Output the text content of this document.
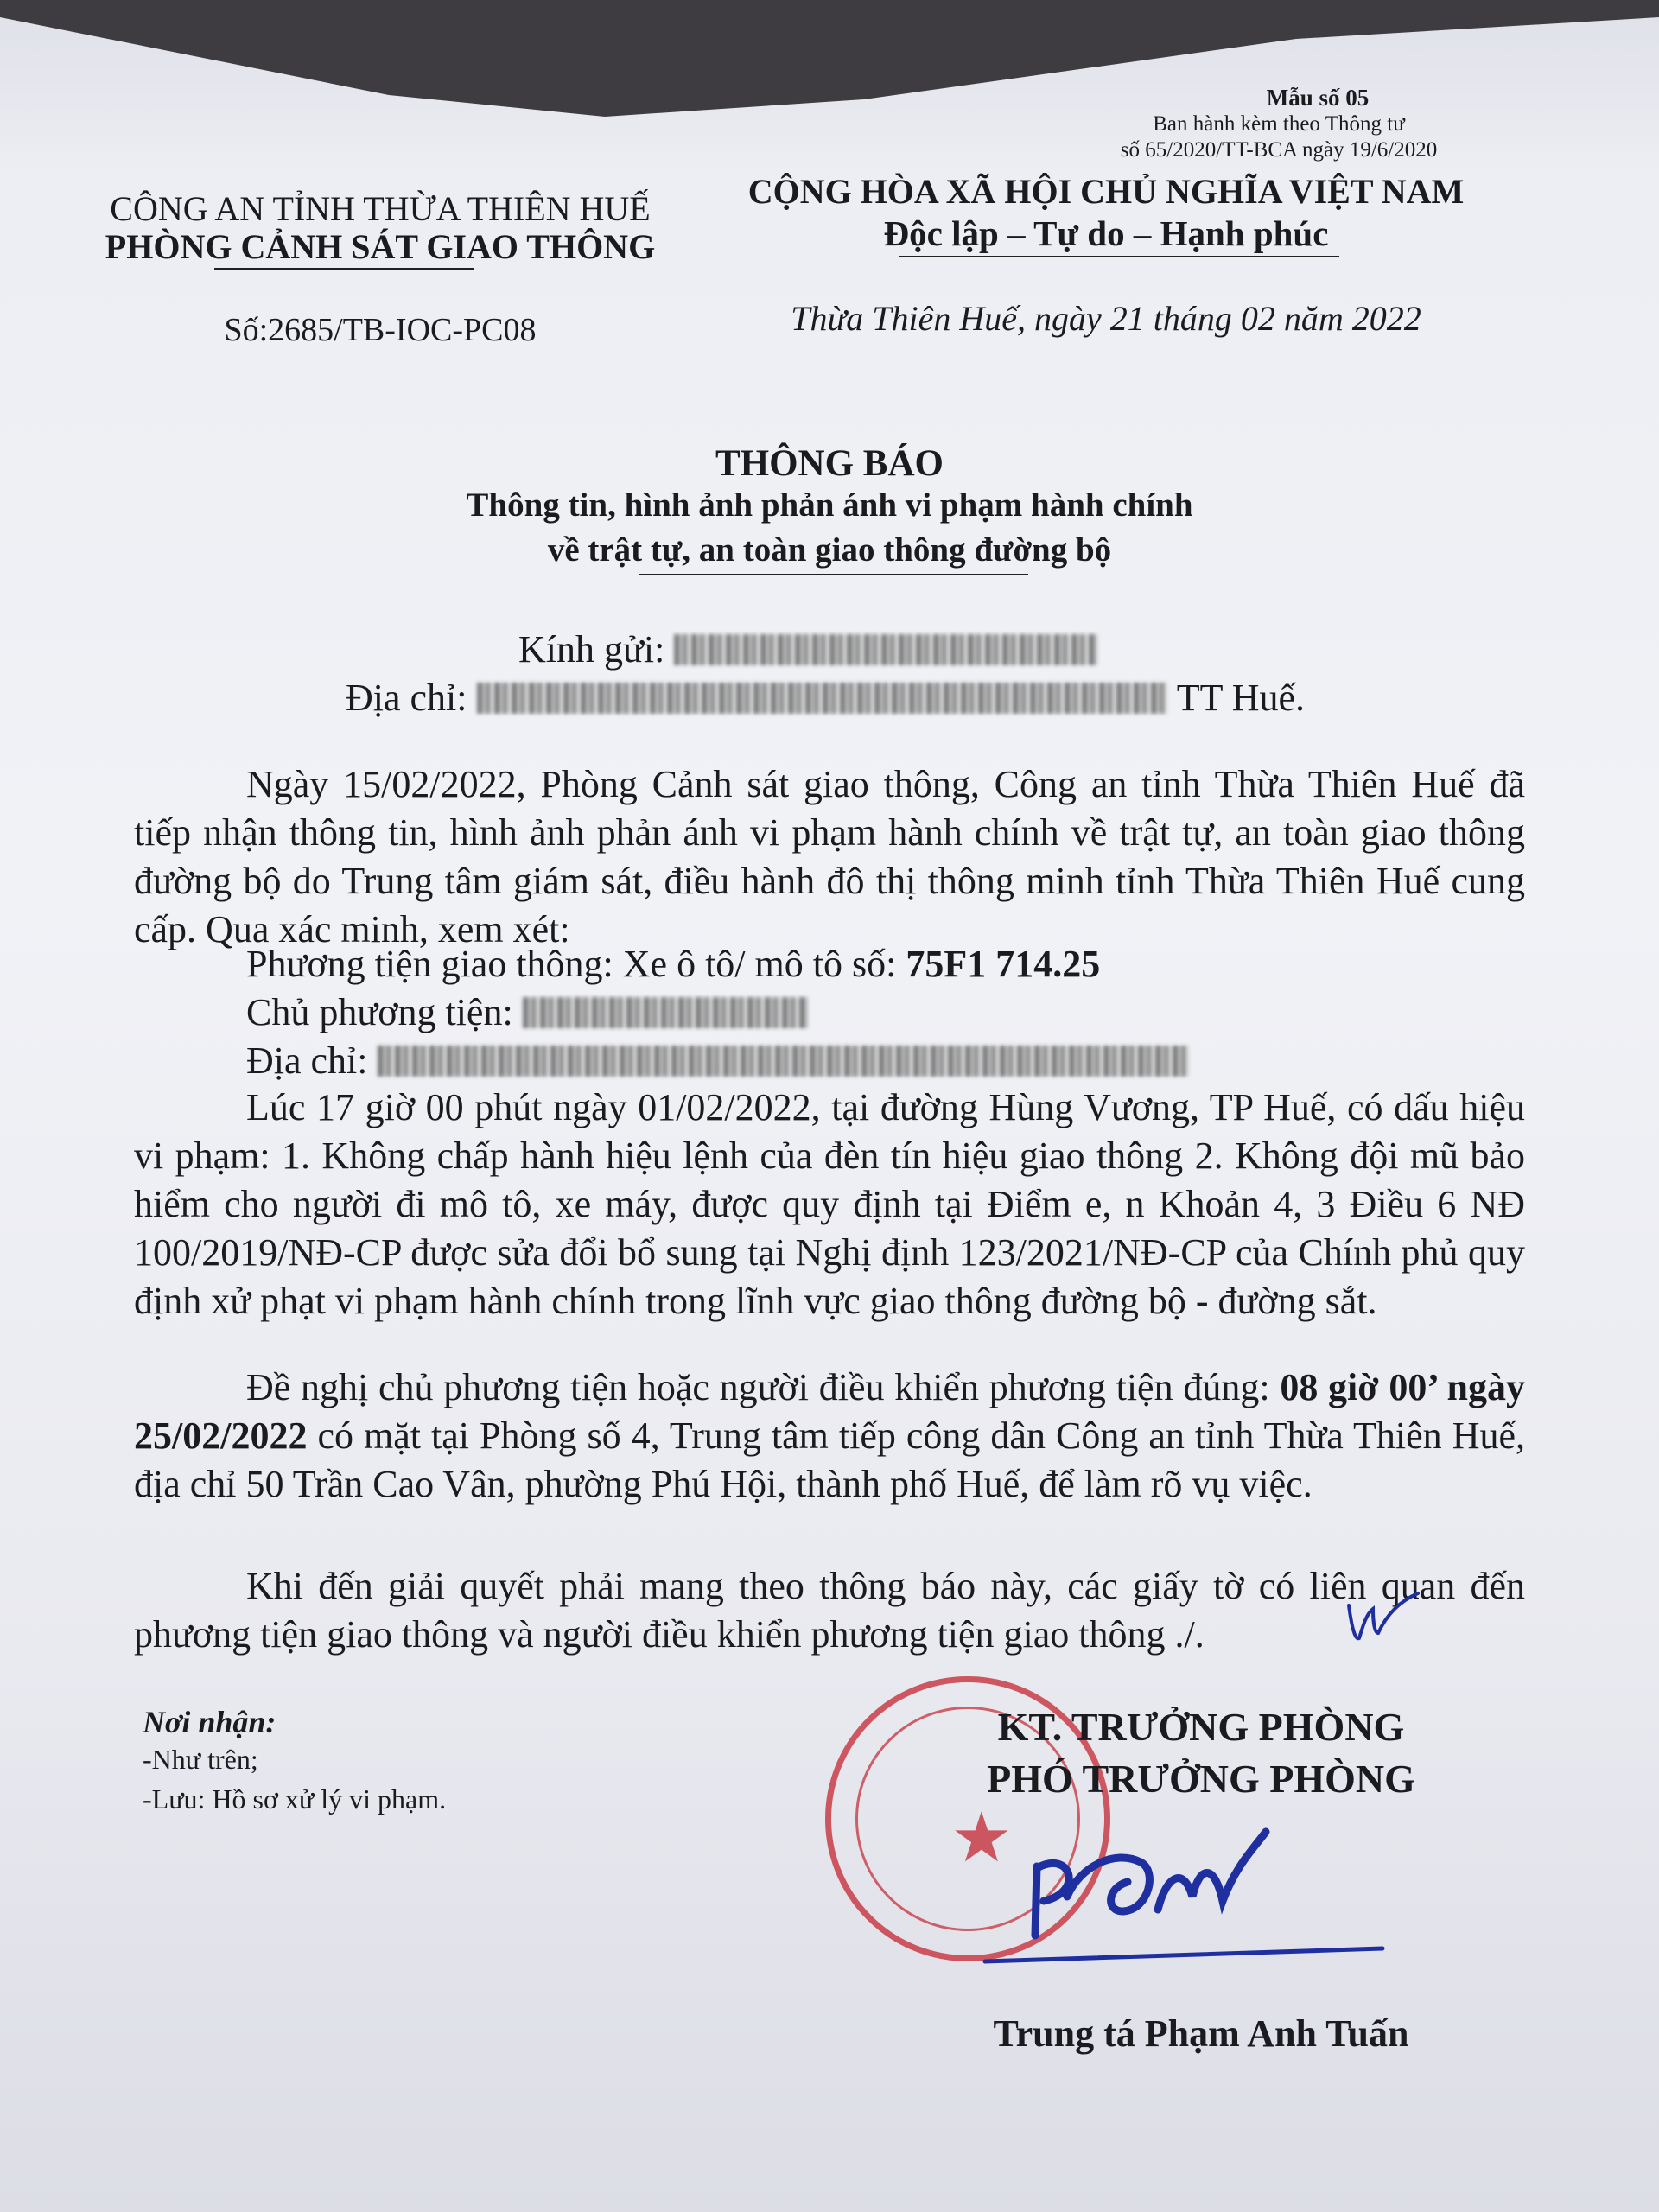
Mẫu số 05
Ban hành kèm theo Thông tư
số 65/2020/TT-BCA ngày 19/6/2020
CÔNG AN TỈNH THỪA THIÊN HUẾ
PHÒNG CẢNH SÁT GIAO THÔNG
Số:2685/TB-IOC-PC08
CỘNG HÒA XÃ HỘI CHỦ NGHĨA VIỆT NAM
Độc lập – Tự do – Hạnh phúc
Thừa Thiên Huế, ngày 21 tháng 02 năm 2022
THÔNG BÁO
Thông tin, hình ảnh phản ánh vi phạm hành chính
về trật tự, an toàn giao thông đường bộ
Kính gửi:
Địa chỉ:	TT Huế.

Ngày 15/02/2022, Phòng Cảnh sát giao thông, Công an tỉnh Thừa Thiên Huế đã tiếp nhận thông tin, hình ảnh phản ánh vi phạm hành chính về trật tự, an toàn giao thông đường bộ do Trung tâm giám sát, điều hành đô thị thông minh tỉnh Thừa Thiên Huế cung cấp. Qua xác minh, xem xét:

Phương tiện giao thông: Xe ô tô/ mô tô số: 75F1 714.25
Chủ phương tiện:
Địa chỉ:

Lúc 17 giờ 00 phút ngày 01/02/2022, tại đường Hùng Vương, TP Huế, có dấu hiệu vi phạm: 1. Không chấp hành hiệu lệnh của đèn tín hiệu giao thông 2. Không đội mũ bảo hiểm cho người đi mô tô, xe máy, được quy định tại Điểm e, n Khoản 4, 3 Điều 6 NĐ 100/2019/NĐ-CP được sửa đổi bổ sung tại Nghị định 123/2021/NĐ-CP của Chính phủ quy định xử phạt vi phạm hành chính trong lĩnh vực giao thông đường bộ - đường sắt.

Đề nghị chủ phương tiện hoặc người điều khiển phương tiện đúng: 08 giờ 00’ ngày 25/02/2022 có mặt tại Phòng số 4, Trung tâm tiếp công dân Công an tỉnh Thừa Thiên Huế, địa chỉ 50 Trần Cao Vân, phường Phú Hội, thành phố Huế, để làm rõ vụ việc.

Khi đến giải quyết phải mang theo thông báo này, các giấy tờ có liên quan đến phương tiện giao thông và người điều khiển phương tiện giao thông ./.

Nơi nhận:
-Như trên;
-Lưu: Hồ sơ xử lý vi phạm.	★
KT. TRƯỞNG PHÒNG
PHÓ TRƯỞNG PHÒNG
Trung tá Phạm Anh Tuấn
